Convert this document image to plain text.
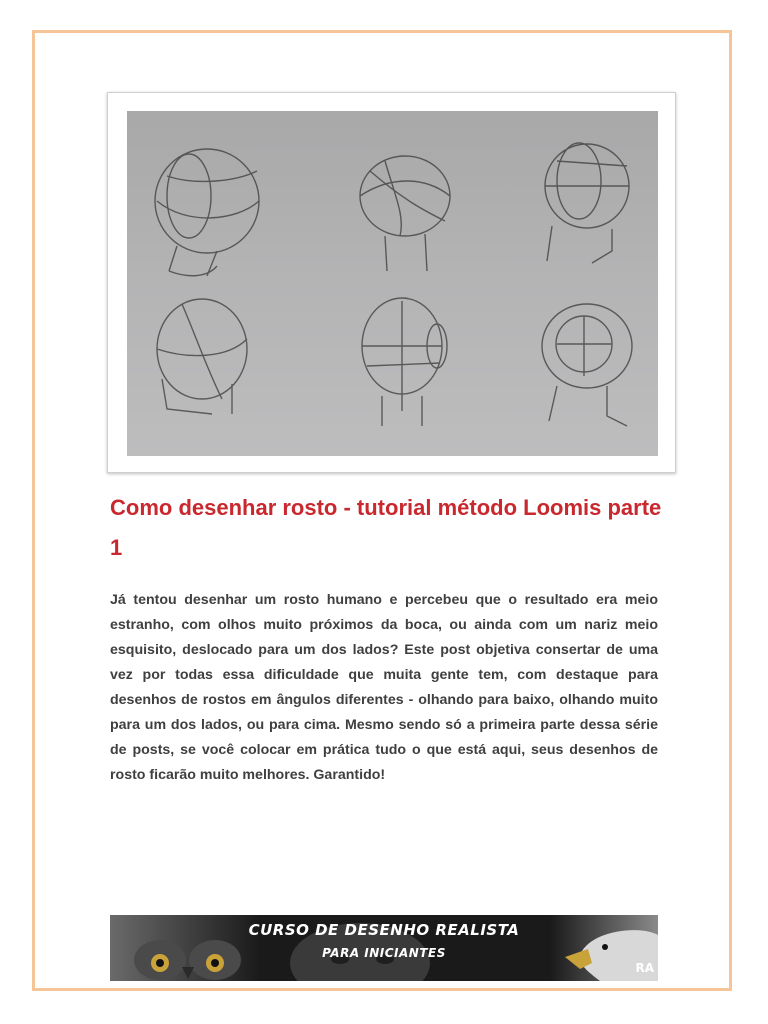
Como desenhar rosto - tutorial método Loomis parte 1

Já tentou desenhar um rosto humano e percebeu que o resultado era meio estranho, com olhos muito próximos da boca, ou ainda com um nariz meio esquisito, deslocado para um dos lados? Este post objetiva consertar de uma vez por todas essa dificuldade que muita gente tem, com destaque para desenhos de rostos em ângulos diferentes - olhando para baixo, olhando muito para um dos lados, ou para cima. Mesmo sendo só a primeira parte dessa série de posts, se você colocar em prática tudo o que está aqui, seus desenhos de rosto ficarão muito melhores. Garantido!

CURSO DE DESENHO REALISTA
PARA INICIANTES
RA
